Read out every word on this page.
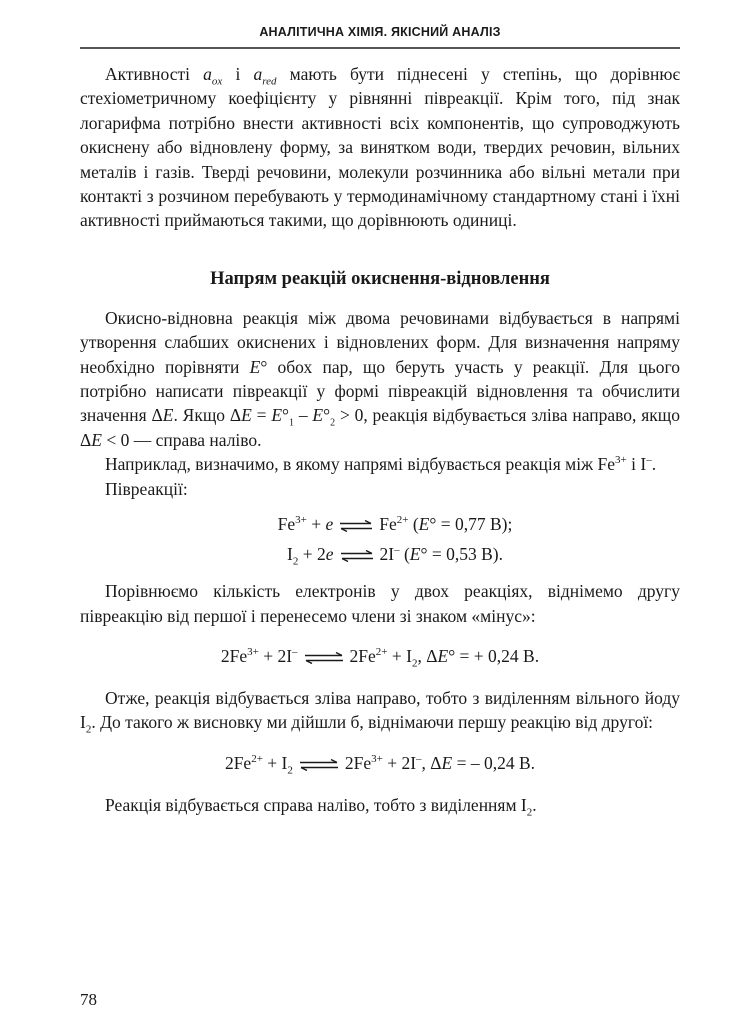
АНАЛІТИЧНА ХІМІЯ. ЯКІСНИЙ АНАЛІЗ

Активності $a_{ox}$ і $a_{red}$ мають бути піднесені у степінь, що дорівнює стехіометричному коефіцієнту у рівнянні півреакції. Крім того, під знак логарифма потрібно внести активності всіх компонентів, що супроводжують окиснену або відновлену форму, за винятком води, твердих речовин, вільних металів і газів. Тверді речовини, молекули розчинника або вільні метали при контакті з розчином перебувають у термодинамічному стандартному стані і їхні активності приймаються такими, що дорівнюють одиниці.

Напрям реакцій окиснення-відновлення

Окисно-відновна реакція між двома речовинами відбувається в напрямі утворення слабших окиснених і відновлених форм. Для визначення напряму необхідно порівняти E° обох пар, що беруть участь у реакції. Для цього потрібно написати півреакції у формі півреакцій відновлення та обчислити значення ΔE. Якщо $\Delta E = E^\circ_1 - E^\circ_2 > 0$, реакція відбувається зліва направо, якщо ΔE < 0 — справа наліво.

Наприклад, визначимо, в якому напрямі відбувається реакція між $Fe^{3+}$ і I–.

Півреакції:

$Fe^{3+} + e$ ⇌ $Fe^{2+}$ (E° = 0,77 В);
$I_2 + 2e$ ⇌ 2I– (E° = 0,53 В).

Порівнюємо кількість електронів у двох реакціях, віднімемо другу півреакцію від першої і перенесемо члени зі знаком «мінус»:

$2Fe^{3+} + 2I^-$ ⇌ $2Fe^{2+} + I_2$, ΔE° = + 0,24 В.

Отже, реакція відбувається зліва направо, тобто з виділенням вільного йоду $I_2$. До такого ж висновку ми дійшли б, віднімаючи першу реакцію від другої:

$2Fe^{2+} + I_2$ ⇌ $2Fe^{3+} + 2I^-$, ΔE = – 0,24 В.

Реакція відбувається справа наліво, тобто з виділенням $I_2$.

78
